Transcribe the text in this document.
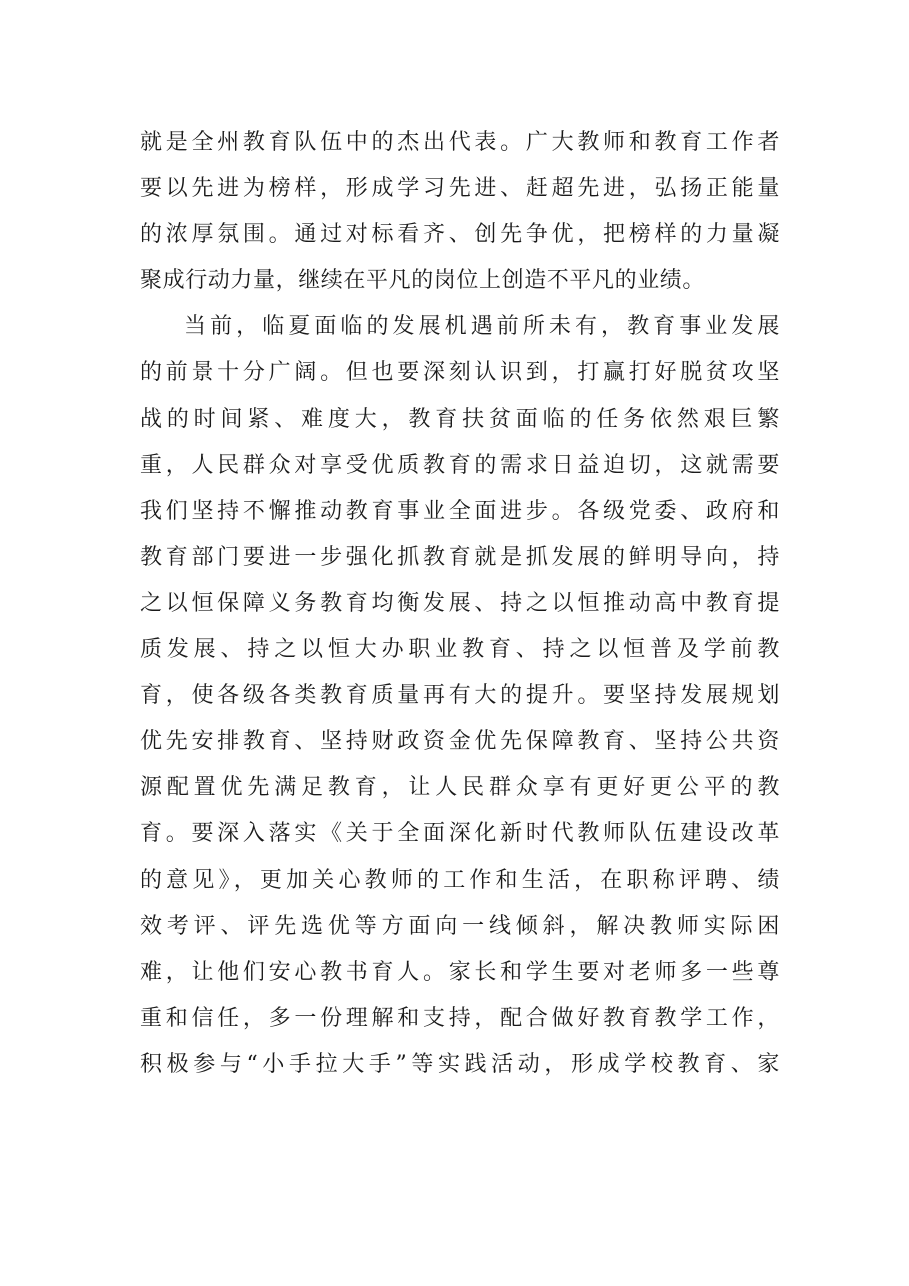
就是全州教育队伍中的杰出代表。广大教师和教育工作者
要以先进为榜样，形成学习先进、赶超先进，弘扬正能量
的浓厚氛围。通过对标看齐、创先争优，把榜样的力量凝
聚成行动力量，继续在平凡的岗位上创造不平凡的业绩。
当前，临夏面临的发展机遇前所未有，教育事业发展
的前景十分广阔。但也要深刻认识到，打赢打好脱贫攻坚
战的时间紧、难度大，教育扶贫面临的任务依然艰巨繁
重，人民群众对享受优质教育的需求日益迫切，这就需要
我们坚持不懈推动教育事业全面进步。各级党委、政府和
教育部门要进一步强化抓教育就是抓发展的鲜明导向，持
之以恒保障义务教育均衡发展、持之以恒推动高中教育提
质发展、持之以恒大办职业教育、持之以恒普及学前教
育，使各级各类教育质量再有大的提升。要坚持发展规划
优先安排教育、坚持财政资金优先保障教育、坚持公共资
源配置优先满足教育，让人民群众享有更好更公平的教
育。要深入落实《关于全面深化新时代教师队伍建设改革
的意见》，更加关心教师的工作和生活，在职称评聘、绩
效考评、评先选优等方面向一线倾斜，解决教师实际困
难，让他们安心教书育人。家长和学生要对老师多一些尊
重和信任，多一份理解和支持，配合做好教育教学工作，
积极参与“小手拉大手”等实践活动，形成学校教育、家
